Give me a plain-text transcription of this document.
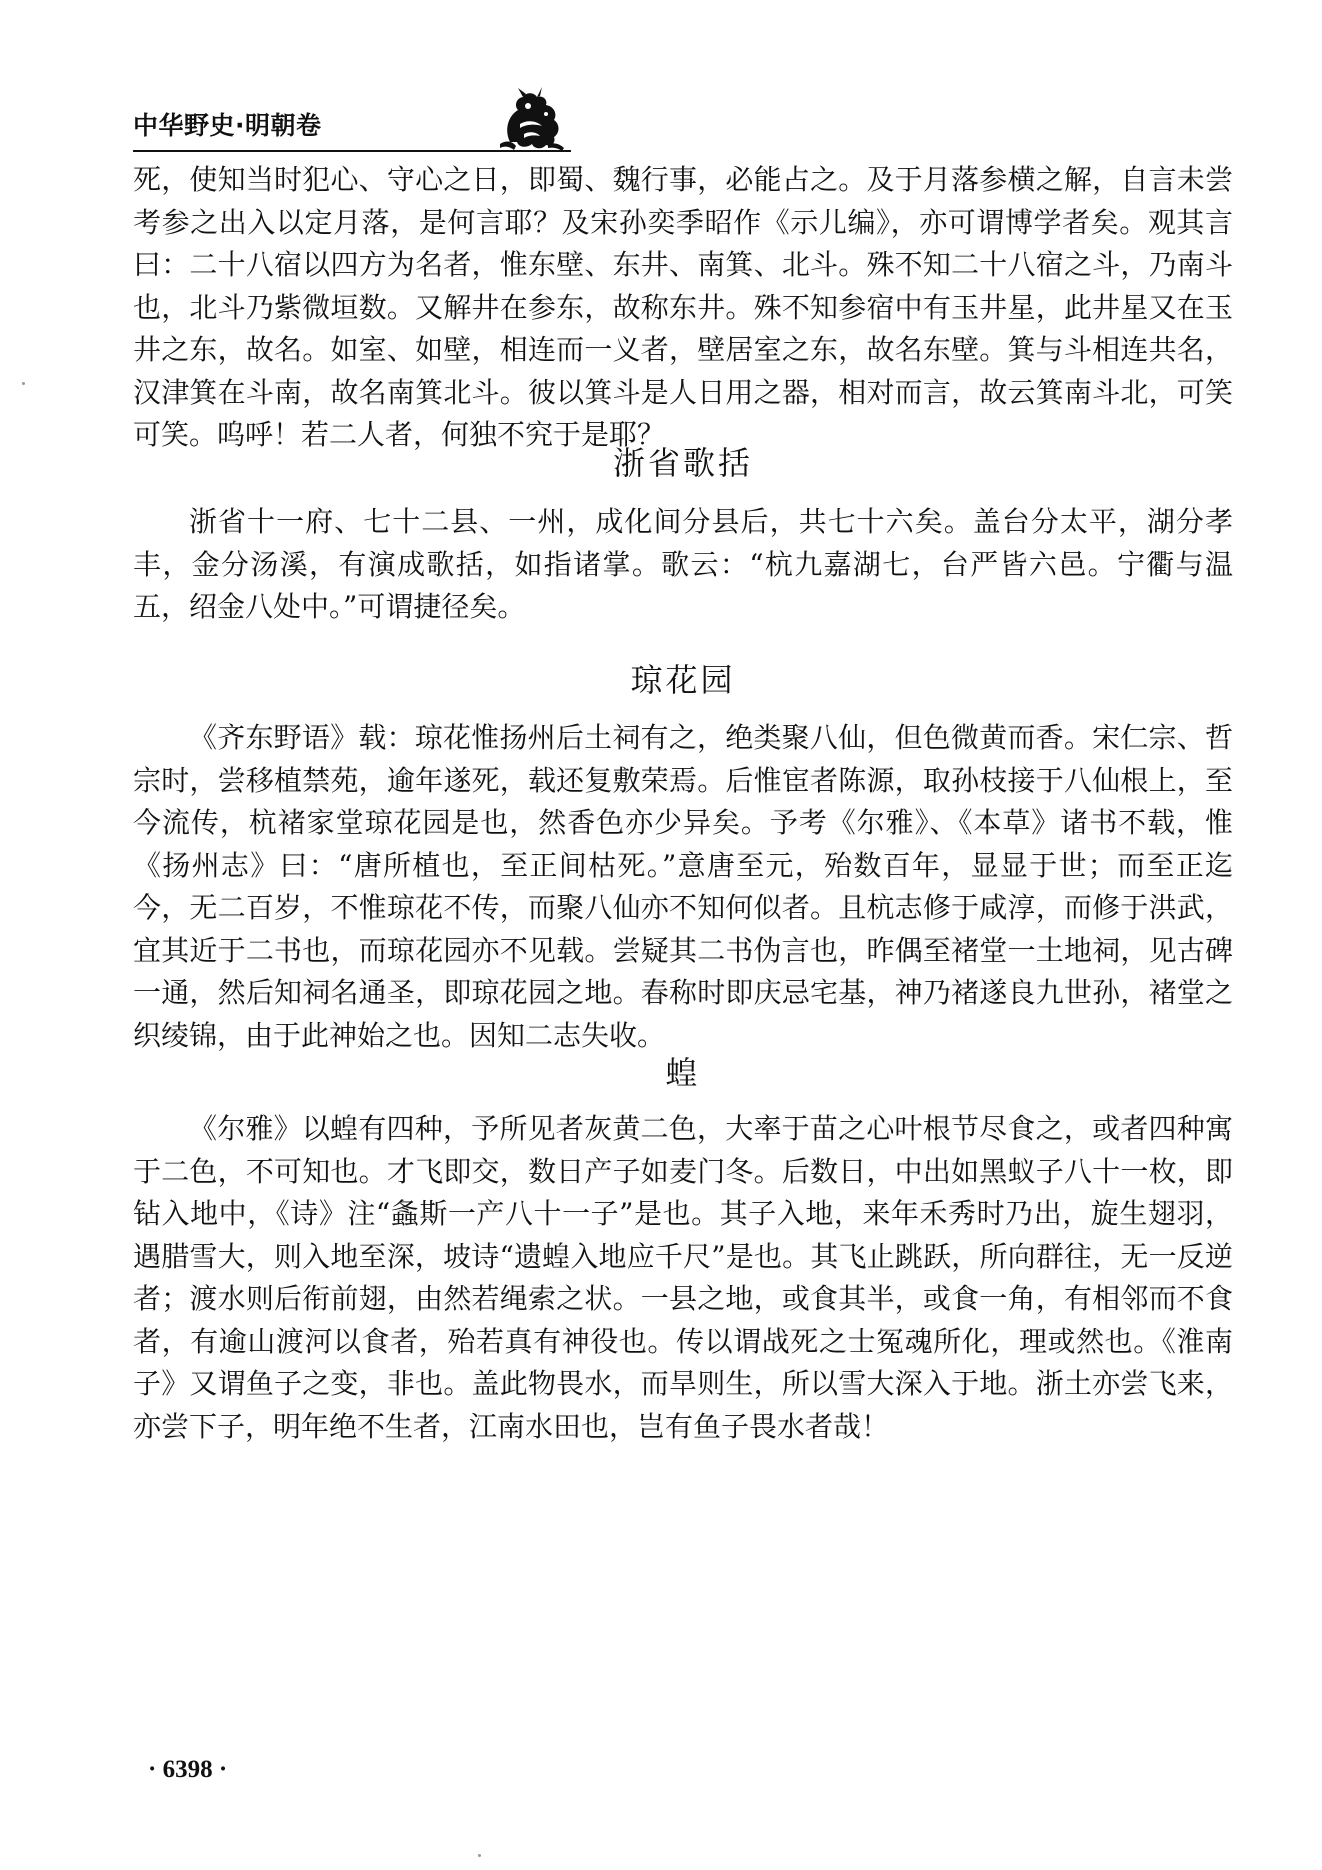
中华野史·明朝卷

死，使知当时犯心、守心之日，即蜀、魏行事，必能占之。及于月落参横之解，自言未尝考参之出入以定月落，是何言耶？及宋孙奕季昭作《示儿编》，亦可谓博学者矣。观其言曰：二十八宿以四方为名者，惟东壁、东井、南箕、北斗。殊不知二十八宿之斗，乃南斗也，北斗乃紫微垣数。又解井在参东，故称东井。殊不知参宿中有玉井星，此井星又在玉井之东，故名。如室、如壁，相连而一义者，壁居室之东，故名东壁。箕与斗相连共名，汉津箕在斗南，故名南箕北斗。彼以箕斗是人日用之器，相对而言，故云箕南斗北，可笑可笑。呜呼！若二人者，何独不究于是耶？

浙省歌括

浙省十一府、七十二县、一州，成化间分县后，共七十六矣。盖台分太平，湖分孝丰，金分汤溪，有演成歌括，如指诸掌。歌云：“杭九嘉湖七，台严皆六邑。宁衢与温五，绍金八处中。”可谓捷径矣。

琼花园

《齐东野语》载：琼花惟扬州后土祠有之，绝类聚八仙，但色微黄而香。宋仁宗、哲宗时，尝移植禁苑，逾年遂死，载还复敷荣焉。后惟宦者陈源，取孙枝接于八仙根上，至今流传，杭褚家堂琼花园是也，然香色亦少异矣。予考《尔雅》、《本草》诸书不载，惟《扬州志》曰：“唐所植也，至正间枯死。”意唐至元，殆数百年，显显于世；而至正迄今，无二百岁，不惟琼花不传，而聚八仙亦不知何似者。且杭志修于咸淳，而修于洪武，宜其近于二书也，而琼花园亦不见载。尝疑其二书伪言也，昨偶至褚堂一土地祠，见古碑一通，然后知祠名通圣，即琼花园之地。春称时即庆忌宅基，神乃褚遂良九世孙，褚堂之织绫锦，由于此神始之也。因知二志失收。

蝗

《尔雅》以蝗有四种，予所见者灰黄二色，大率于苗之心叶根节尽食之，或者四种寓于二色，不可知也。才飞即交，数日产子如麦门冬。后数日，中出如黑蚁子八十一枚，即钻入地中，《诗》注“螽斯一产八十一子”是也。其子入地，来年禾秀时乃出，旋生翅羽，遇腊雪大，则入地至深，坡诗“遗蝗入地应千尺”是也。其飞止跳跃，所向群往，无一反逆者；渡水则后衔前翅，由然若绳索之状。一县之地，或食其半，或食一角，有相邻而不食者，有逾山渡河以食者，殆若真有神役也。传以谓战死之士冤魂所化，理或然也。《淮南子》又谓鱼子之变，非也。盖此物畏水，而旱则生，所以雪大深入于地。浙土亦尝飞来，亦尝下子，明年绝不生者，江南水田也，岂有鱼子畏水者哉！

· 6398 ·
